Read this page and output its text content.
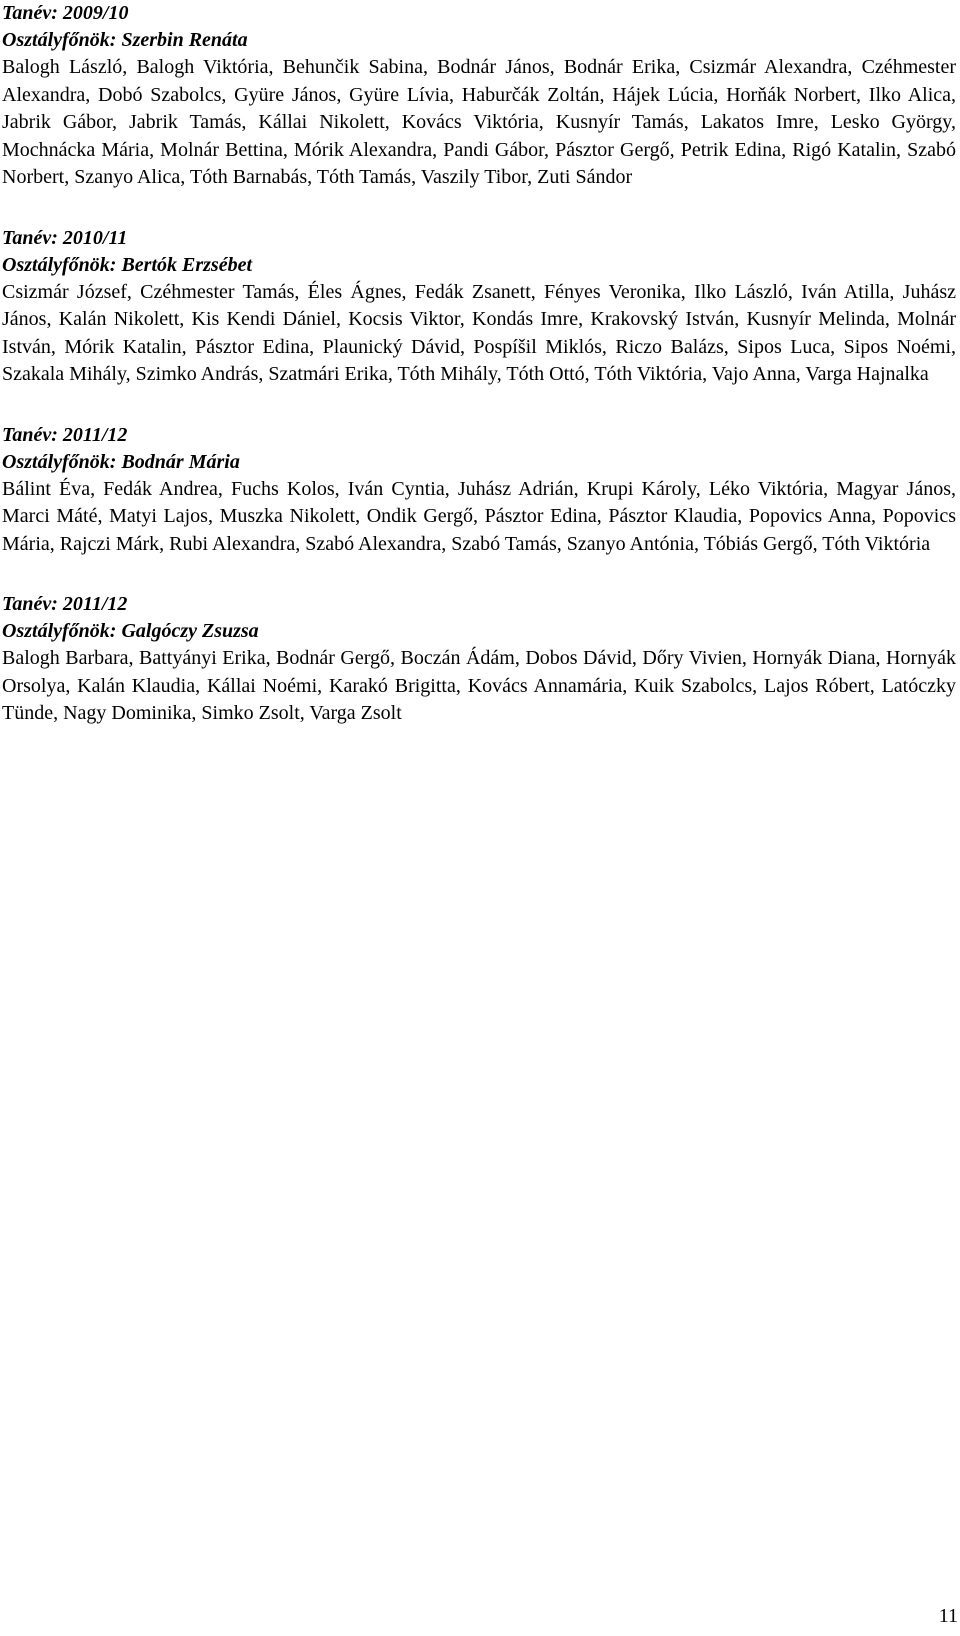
Tanév: 2009/10
Osztályfőnök: Szerbin Renáta

Balogh László, Balogh Viktória, Behunčik Sabina, Bodnár János, Bodnár Erika, Csizmár Alexandra, Czéhmester Alexandra, Dobó Szabolcs, Gyüre János, Gyüre Lívia, Haburčák Zoltán, Hájek Lúcia, Horňák Norbert, Ilko Alica, Jabrik Gábor, Jabrik Tamás, Kállai Nikolett, Kovács Viktória, Kusnyír Tamás, Lakatos Imre, Lesko György, Mochnácka Mária, Molnár Bettina, Mórik Alexandra, Pandi Gábor, Pásztor Gergő, Petrik Edina, Rigó Katalin, Szabó Norbert, Szanyo Alica, Tóth Barnabás, Tóth Tamás, Vaszily Tibor, Zuti Sándor

Tanév: 2010/11
Osztályfőnök: Bertók Erzsébet

Csizmár József, Czéhmester Tamás, Éles Ágnes, Fedák Zsanett, Fényes Veronika, Ilko László, Iván Atilla, Juhász János, Kalán Nikolett, Kis Kendi Dániel, Kocsis Viktor, Kondás Imre, Krakovský István, Kusnyír Melinda, Molnár István, Mórik Katalin, Pásztor Edina, Plaunický Dávid, Pospíšil Miklós, Riczo Balázs, Sipos Luca, Sipos Noémi, Szakala Mihály, Szimko András, Szatmári Erika, Tóth Mihály, Tóth Ottó, Tóth Viktória, Vajo Anna, Varga Hajnalka

Tanév: 2011/12
Osztályfőnök: Bodnár Mária

Bálint Éva, Fedák Andrea, Fuchs Kolos, Iván Cyntia, Juhász Adrián, Krupi Károly, Léko Viktória, Magyar János, Marci Máté, Matyi Lajos, Muszka Nikolett, Ondik Gergő, Pásztor Edina, Pásztor Klaudia, Popovics Anna, Popovics Mária, Rajczi Márk, Rubi Alexandra, Szabó Alexandra, Szabó Tamás, Szanyo Antónia, Tóbiás Gergő, Tóth Viktória

Tanév: 2011/12
Osztályfőnök: Galgóczy Zsuzsa

Balogh Barbara, Battyányi Erika, Bodnár Gergő, Boczán Ádám, Dobos Dávid, Dőry Vivien, Hornyák Diana, Hornyák Orsolya, Kalán Klaudia, Kállai Noémi, Karakó Brigitta, Kovács Annamária, Kuik Szabolcs, Lajos Róbert, Latóczky Tünde, Nagy Dominika, Simko Zsolt, Varga Zsolt

11
